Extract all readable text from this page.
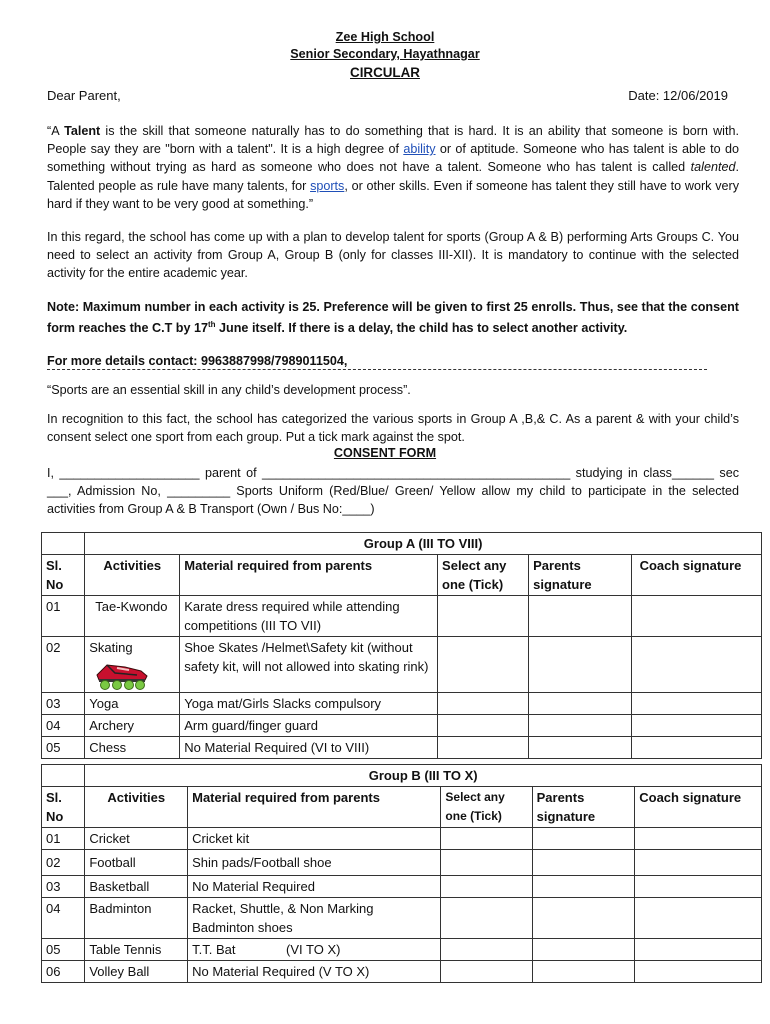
Zee High School
Senior Secondary, Hayathnagar
CIRCULAR
Dear Parent,	Date: 12/06/2019
“A Talent is the skill that someone naturally has to do something that is hard. It is an ability that someone is born with. People say they are "born with a talent". It is a high degree of ability or of aptitude. Someone who has talent is able to do something without trying as hard as someone who does not have a talent. Someone who has talent is called talented. Talented people as rule have many talents, for sports, or other skills. Even if someone has talent they still have to work very hard if they want to be very good at something.”
In this regard, the school has come up with a plan to develop talent for sports (Group A & B) performing Arts Groups C. You need to select an activity from Group A, Group B (only for classes III-XII). It is mandatory to continue with the selected activity for the entire academic year.
Note: Maximum number in each activity is 25. Preference will be given to first 25 enrolls. Thus, see that the consent form reaches the C.T by 17th June itself. If there is a delay, the child has to select another activity.
For more details contact: 9963887998/7989011504,
“Sports are an essential skill in any child’s development process”.
In recognition to this fact, the school has categorized the various sports in Group A ,B,& C. As a parent & with your child’s consent select one sport from each group. Put a tick mark against the spot.
CONSENT FORM
I, ____________________ parent of ____________________________________________ studying in class______ sec ___, Admission No, _________ Sports Uniform (Red/Blue/ Green/ Yellow allow my child to participate in the selected activities from Group A & B Transport (Own / Bus No:____)
	Group A (III TO VIII)				
Sl. No	Activities	Material required from parents	Select any one (Tick)	Parents signature	Coach signature
01	Tae-Kwondo	Karate dress required while attending competitions (III TO VII)			
02	Skating	Shoe Skates /Helmet\Safety kit (without safety kit, will not allowed into skating rink)			
03	Yoga	Yoga mat/Girls Slacks compulsory			
04	Archery	Arm guard/finger guard			
05	Chess	No Material Required (VI to VIII)			
	Group B (III TO X)				
Sl. No	Activities	Material required from parents	Select any one (Tick)	Parents signature	Coach signature
01	Cricket	Cricket kit			
02	Football	Shin pads/Football shoe			
03	Basketball	No Material Required			
04	Badminton	Racket, Shuttle, & Non Marking Badminton shoes			
05	Table Tennis	T.T. Bat              (VI TO X)			
06	Volley Ball	No Material Required (V TO X)			
